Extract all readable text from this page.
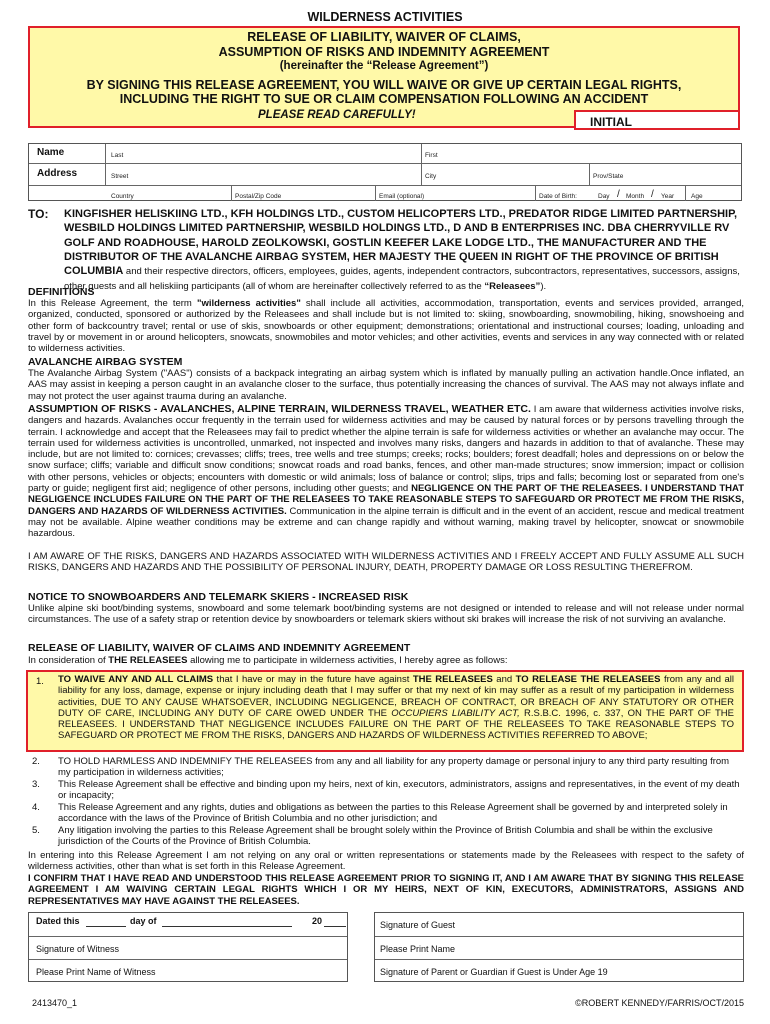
WILDERNESS ACTIVITIES
RELEASE OF LIABILITY, WAIVER OF CLAIMS,
ASSUMPTION OF RISKS AND INDEMNITY AGREEMENT
(hereinafter the “Release Agreement”)
BY SIGNING THIS RELEASE AGREEMENT, YOU WILL WAIVE OR GIVE UP CERTAIN LEGAL RIGHTS,
INCLUDING THE RIGHT TO SUE OR CLAIM COMPENSATION FOLLOWING AN ACCIDENT
PLEASE READ CAREFULLY!	INITIAL
Name
Address
Last	First
Street	City	Prov/State
Country	Postal/Zip Code	Email (optional)	Date of Birth:	Day / Month / Year	Age
TO: KINGFISHER HELISKIING LTD., KFH HOLDINGS LTD., CUSTOM HELICOPTERS LTD., PREDATOR RIDGE LIMITED PARTNERSHIP, WESBILD HOLDINGS LIMITED PARTNERSHIP, WESBILD HOLDINGS LTD., D AND B ENTERPRISES INC. DBA CHERRYVILLE RV GOLF AND ROADHOUSE, HAROLD ZEOLKOWSKI, GOSTLIN KEEFER LAKE LODGE LTD., THE MANUFACTURER AND THE DISTRIBUTOR OF THE AVALANCHE AIRBAG SYSTEM, HER MAJESTY THE QUEEN IN RIGHT OF THE PROVINCE OF BRITISH COLUMBIA and their respective directors, officers, employees, guides, agents, independent contractors, subcontractors, representatives, successors, assigns, other guests and all heliskiing participants (all of whom are hereinafter collectively referred to as the “Releasees”).
DEFINITIONS
In this Release Agreement, the term "wilderness activities" shall include all activities, accommodation, transportation, events and services provided, arranged, organized, conducted, sponsored or authorized by the Releasees and shall include but is not limited to: skiing, snowboarding, snowmobiling, hiking, snowshoeing and other form of backcountry travel; rental or use of skis, snowboards or other equipment; demonstrations; orientational and instructional courses; loading, unloading and travel by or movement in or around helicopters, snowcats, snowmobiles and motor vehicles; and other activities, events and services in any way connected with or related to wilderness activities.
AVALANCHE AIRBAG SYSTEM
The Avalanche Airbag System ("AAS") consists of a backpack integrating an airbag system which is inflated by manually pulling an activation handle.Once inflated, an AAS may assist in keeping a person caught in an avalanche closer to the surface, thus potentially increasing the chances of survival. The AAS may not always inflate and may not protect the user against trauma during an avalanche.
ASSUMPTION OF RISKS - AVALANCHES, ALPINE TERRAIN, WILDERNESS TRAVEL, WEATHER ETC. I am aware that wilderness activities involve risks, dangers and hazards. Avalanches occur frequently in the terrain used for wilderness activities and may be caused by natural forces or by persons travelling through the terrain. I acknowledge and accept that the Releasees may fail to predict whether the alpine terrain is safe for wilderness activities or whether an avalanche may occur. The terrain used for wilderness activities is uncontrolled, unmarked, not inspected and involves many risks, dangers and hazards in addition to that of avalanche. These may include, but are not limited to: cornices; crevasses; cliffs; trees, tree wells and tree stumps; creeks; rocks; boulders; forest deadfall; holes and depressions on or below the snow surface; cliffs; variable and difficult snow conditions; snowcat roads and road banks, fences, and other man-made structures; snow immersion; impact or collision with other persons, vehicles or objects; encounters with domestic or wild animals; loss of balance or control; slips, trips and falls; becoming lost or separated from one's party or guide; negligent first aid; negligence of other persons, including other guests; and NEGLIGENCE ON THE PART OF THE RELEASEES. I UNDERSTAND THAT NEGLIGENCE INCLUDES FAILURE ON THE PART OF THE RELEASEES TO TAKE REASONABLE STEPS TO SAFEGUARD OR PROTECT ME FROM THE RISKS, DANGERS AND HAZARDS OF WILDERNESS ACTIVITIES. Communication in the alpine terrain is difficult and in the event of an accident, rescue and medical treatment may not be available. Alpine weather conditions may be extreme and can change rapidly and without warning, making travel by helicopter, snowcat or snowmobile hazardous.
I AM AWARE OF THE RISKS, DANGERS AND HAZARDS ASSOCIATED WITH WILDERNESS ACTIVITIES AND I FREELY ACCEPT AND FULLY ASSUME ALL SUCH RISKS, DANGERS AND HAZARDS AND THE POSSIBILITY OF PERSONAL INJURY, DEATH, PROPERTY DAMAGE OR LOSS RESULTING THEREFROM.
NOTICE TO SNOWBOARDERS AND TELEMARK SKIERS - INCREASED RISK
Unlike alpine ski boot/binding systems, snowboard and some telemark boot/binding systems are not designed or intended to release and will not release under normal circumstances. The use of a safety strap or retention device by snowboarders or telemark skiers without ski brakes will increase the risk of not surviving an avalanche.
RELEASE OF LIABILITY, WAIVER OF CLAIMS AND INDEMNITY AGREEMENT
In consideration of THE RELEASEES allowing me to participate in wilderness activities, I hereby agree as follows:
1. TO WAIVE ANY AND ALL CLAIMS that I have or may in the future have against THE RELEASEES and TO RELEASE THE RELEASEES from any and all liability for any loss, damage, expense or injury including death that I may suffer or that my next of kin may suffer as a result of my participation in wilderness activities, DUE TO ANY CAUSE WHATSOEVER, INCLUDING NEGLIGENCE, BREACH OF CONTRACT, OR BREACH OF ANY STATUTORY OR OTHER DUTY OF CARE, INCLUDING ANY DUTY OF CARE OWED UNDER THE OCCUPIERS LIABILITY ACT, R.S.B.C. 1996, c. 337, ON THE PART OF THE RELEASEES. I UNDERSTAND THAT NEGLIGENCE INCLUDES FAILURE ON THE PART OF THE RELEASEES TO TAKE REASONABLE STEPS TO SAFEGUARD OR PROTECT ME FROM THE RISKS, DANGERS AND HAZARDS OF WILDERNESS ACTIVITIES REFERRED TO ABOVE;
2. TO HOLD HARMLESS AND INDEMNIFY THE RELEASEES from any and all liability for any property damage or personal injury to any third party resulting from my participation in wilderness activities;
3. This Release Agreement shall be effective and binding upon my heirs, next of kin, executors, administrators, assigns and representatives, in the event of my death or incapacity;
4. This Release Agreement and any rights, duties and obligations as between the parties to this Release Agreement shall be governed by and interpreted solely in accordance with the laws of the Province of British Columbia and no other jurisdiction; and
5. Any litigation involving the parties to this Release Agreement shall be brought solely within the Province of British Columbia and shall be within the exclusive jurisdiction of the Courts of the Province of British Columbia.
In entering into this Release Agreement I am not relying on any oral or written representations or statements made by the Releasees with respect to the safety of wilderness activities, other than what is set forth in this Release Agreement.
I CONFIRM THAT I HAVE READ AND UNDERSTOOD THIS RELEASE AGREEMENT PRIOR TO SIGNING IT, AND I AM AWARE THAT BY SIGNING THIS RELEASE AGREEMENT I AM WAIVING CERTAIN LEGAL RIGHTS WHICH I OR MY HEIRS, NEXT OF KIN, EXECUTORS, ADMINISTRATORS, ASSIGNS AND REPRESENTATIVES MAY HAVE AGAINST THE RELEASEES.
Dated this	day of	20
Signature of Witness
Please Print Name of Witness
Signature of Guest
Please Print Name
Signature of Parent or Guardian if Guest is Under Age 19
2413470_1	©ROBERT KENNEDY/FARRIS/OCT/2015
